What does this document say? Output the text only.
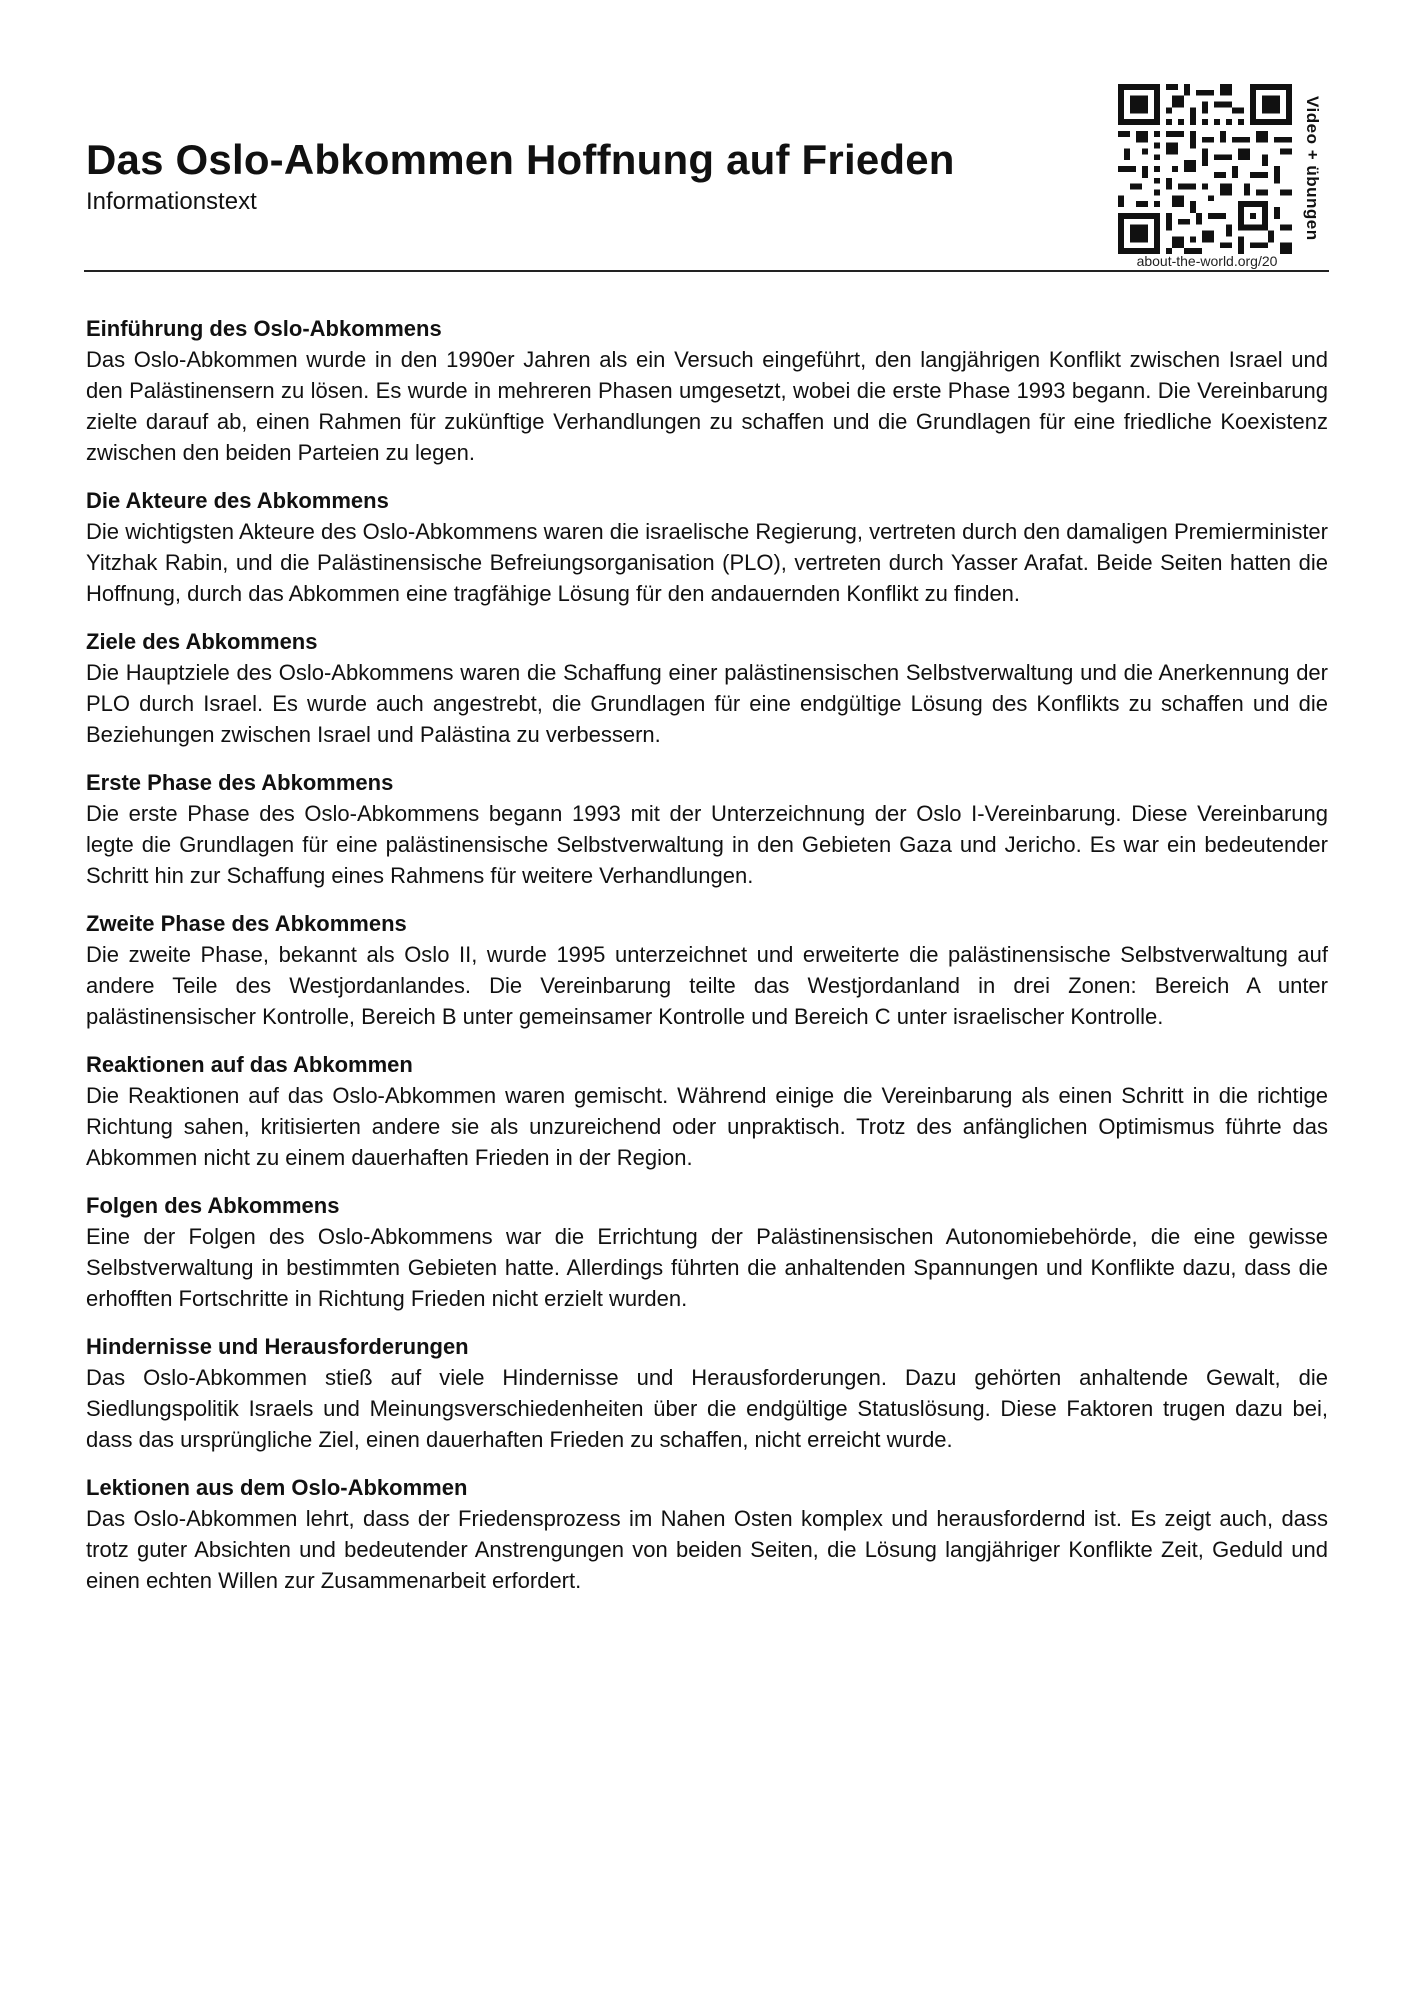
Das Oslo-Abkommen Hoffnung auf Frieden
Informationstext
about-the-world.org/20
Video + übungen
Einführung des Oslo-Abkommens

Das Oslo-Abkommen wurde in den 1990er Jahren als ein Versuch eingeführt, den langjährigen Konflikt zwischen Israel und den Palästinensern zu lösen. Es wurde in mehreren Phasen umgesetzt, wobei die erste Phase 1993 begann. Die Vereinbarung zielte darauf ab, einen Rahmen für zukünftige Verhandlungen zu schaffen und die Grundlagen für eine friedliche Koexistenz zwischen den beiden Parteien zu legen.

Die Akteure des Abkommens

Die wichtigsten Akteure des Oslo-Abkommens waren die israelische Regierung, vertreten durch den damaligen Premierminister Yitzhak Rabin, und die Palästinensische Befreiungsorganisation (PLO), vertreten durch Yasser Arafat. Beide Seiten hatten die Hoffnung, durch das Abkommen eine tragfähige Lösung für den andauernden Konflikt zu finden.

Ziele des Abkommens

Die Hauptziele des Oslo-Abkommens waren die Schaffung einer palästinensischen Selbstverwaltung und die Anerkennung der PLO durch Israel. Es wurde auch angestrebt, die Grundlagen für eine endgültige Lösung des Konflikts zu schaffen und die Beziehungen zwischen Israel und Palästina zu verbessern.

Erste Phase des Abkommens

Die erste Phase des Oslo-Abkommens begann 1993 mit der Unterzeichnung der Oslo I-Vereinbarung. Diese Vereinbarung legte die Grundlagen für eine palästinensische Selbstverwaltung in den Gebieten Gaza und Jericho. Es war ein bedeutender Schritt hin zur Schaffung eines Rahmens für weitere Verhandlungen.

Zweite Phase des Abkommens

Die zweite Phase, bekannt als Oslo II, wurde 1995 unterzeichnet und erweiterte die palästinensische Selbstverwaltung auf andere Teile des Westjordanlandes. Die Vereinbarung teilte das Westjordanland in drei Zonen: Bereich A unter palästinensischer Kontrolle, Bereich B unter gemeinsamer Kontrolle und Bereich C unter israelischer Kontrolle.

Reaktionen auf das Abkommen

Die Reaktionen auf das Oslo-Abkommen waren gemischt. Während einige die Vereinbarung als einen Schritt in die richtige Richtung sahen, kritisierten andere sie als unzureichend oder unpraktisch. Trotz des anfänglichen Optimismus führte das Abkommen nicht zu einem dauerhaften Frieden in der Region.

Folgen des Abkommens

Eine der Folgen des Oslo-Abkommens war die Errichtung der Palästinensischen Autonomiebehörde, die eine gewisse Selbstverwaltung in bestimmten Gebieten hatte. Allerdings führten die anhaltenden Spannungen und Konflikte dazu, dass die erhofften Fortschritte in Richtung Frieden nicht erzielt wurden.

Hindernisse und Herausforderungen

Das Oslo-Abkommen stieß auf viele Hindernisse und Herausforderungen. Dazu gehörten anhaltende Gewalt, die Siedlungspolitik Israels und Meinungsverschiedenheiten über die endgültige Statuslösung. Diese Faktoren trugen dazu bei, dass das ursprüngliche Ziel, einen dauerhaften Frieden zu schaffen, nicht erreicht wurde.

Lektionen aus dem Oslo-Abkommen

Das Oslo-Abkommen lehrt, dass der Friedensprozess im Nahen Osten komplex und herausfordernd ist. Es zeigt auch, dass trotz guter Absichten und bedeutender Anstrengungen von beiden Seiten, die Lösung langjähriger Konflikte Zeit, Geduld und einen echten Willen zur Zusammenarbeit erfordert.
